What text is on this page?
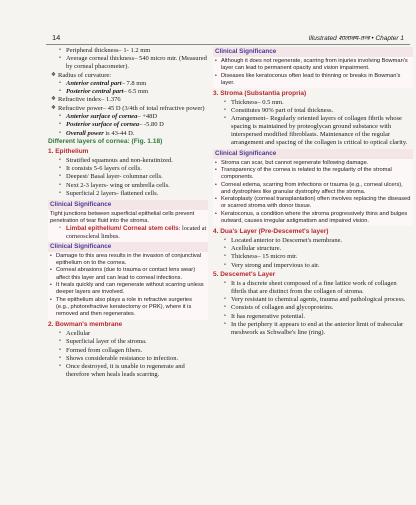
14	Illustrated शालाक्य-तन्त्र • Chapter 1
• Peripheral thickness– 1- 1.2 mm
• Average corneal thickness– 540 micro mtr. (Measured by corneal phacometer).
❖ Radius of curvature:
• Anterior central part– 7.8 mm
• Posterior central part– 6.5 mm
❖ Refractive index– 1.376
❖ Refractive power– 45 D (3/4th of total refractive power)
• Anterior surface of cornea– +48D
• Posterior surface of cornea– -5.80 D
• Overall power is 43-44 D.
Different layers of cornea: (Fig. 1.18)
1. Epithelium
• Stratified squamous and non-keratinized.
• It consists 5-6 layers of cells.
• Deepest/ Basal layer- columnar cells.
• Next 2-3 layers- wing or umbrella cells.
• Superficial 2 layers- flattened cells.
Clinical Significance
Tight junctions between superficial epithelial cells prevent penetration of tear fluid into the stroma.
• Limbal epithelium/ Corneal stem cells: located at corneoscleral limbus.
Clinical Significance
• Damage to this area results in the invasion of conjunctival epithelium on to the cornea.
• Corneal abrasions (due to trauma or contact lens wear) affect this layer and can lead to corneal infections.
• It heals quickly and can regenerate without scarring unless deeper layers are involved.
• The epithelium also plays a role in refractive surgeries (e.g., photorefractive keratectomy or PRK), where it is removed and then regenerates.
2. Bowman's membrane
• Acellular
• Superficial layer of the stroma.
• Formed from collagen fibers.
• Shows considerable resistance to infection.
• Once destroyed, it is unable to regenerate and therefore when heals leads scarring.
Clinical Significance
• Although it does not regenerate, scarring from injuries involving Bowman's layer can lead to permanent opacity and vision impairment.
• Diseases like keratoconus often lead to thinning or breaks in Bowman's layer.
3. Stroma (Substantia propria)
• Thickness– 0.5 mm.
• Constitutes 90% part of total thickness.
• Arrangement– Regularly oriented layers of collagen fibrils whose spacing is maintained by proteoglycan ground substance with interspersed modified fibroblasts. Maintenance of the regular arrangement and spacing of the collagen is critical to optical clarity.
Clinical Significance
• Stroma can scar, but cannot regenerate following damage.
• Transparency of the cornea is related to the regularity of the stromal components.
• Corneal edema, scarring from infections or trauma (e.g., corneal ulcers), and dystrophies like granular dystrophy affect the stroma.
• Keratoplasty (corneal transplantation) often involves replacing the diseased or scarred stroma with donor tissue.
• Keratoconus, a condition where the stroma progressively thins and bulges outward, causes irregular astigmatism and impaired vision.
4. Dua's Layer (Pre-Descemet's layer)
• Located anterior to Descemet's membrane.
• Acellular structure.
• Thickness– 15 micro mtr.
• Very strong and impervious to air.
5. Descemet's Layer
• It is a discrete sheet composed of a fine lattice work of collagen fibrils that are distinct from the collagen of stroma.
• Very resistant to chemical agents, trauma and pathological process.
• Consists of collagen and glycoproteins.
• It has regenerative potential.
• In the periphery it appears to end at the anterior limit of trabecular meshwork as Schwalbe's line (ring).
